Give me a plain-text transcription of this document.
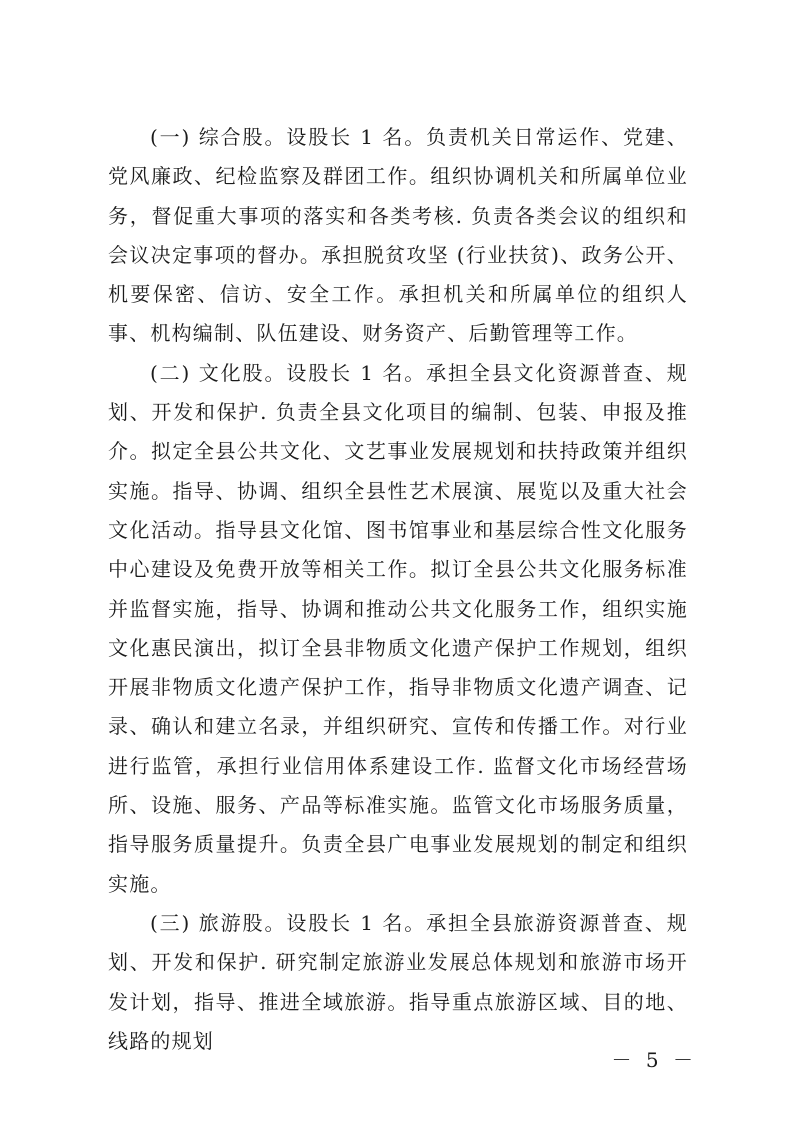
(一) 综合股。设股长 1 名。负责机关日常运作、党建、党风廉政、纪检监察及群团工作。组织协调机关和所属单位业务，督促重大事项的落实和各类考核. 负责各类会议的组织和会议决定事项的督办。承担脱贫攻坚 (行业扶贫)、政务公开、机要保密、信访、安全工作。承担机关和所属单位的组织人事、机构编制、队伍建设、财务资产、后勤管理等工作。

(二) 文化股。设股长 1 名。承担全县文化资源普查、规划、开发和保护. 负责全县文化项目的编制、包装、申报及推介。拟定全县公共文化、文艺事业发展规划和扶持政策并组织实施。指导、协调、组织全县性艺术展演、展览以及重大社会文化活动。指导县文化馆、图书馆事业和基层综合性文化服务中心建设及免费开放等相关工作。拟订全县公共文化服务标准并监督实施，指导、协调和推动公共文化服务工作，组织实施文化惠民演出，拟订全县非物质文化遗产保护工作规划，组织开展非物质文化遗产保护工作，指导非物质文化遗产调查、记录、确认和建立名录，并组织研究、宣传和传播工作。对行业进行监管，承担行业信用体系建设工作. 监督文化市场经营场所、设施、服务、产品等标准实施。监管文化市场服务质量，指导服务质量提升。负责全县广电事业发展规划的制定和组织实施。

(三) 旅游股。设股长 1 名。承担全县旅游资源普查、规划、开发和保护. 研究制定旅游业发展总体规划和旅游市场开发计划，指导、推进全域旅游。指导重点旅游区域、目的地、线路的规划

－ 5 －
